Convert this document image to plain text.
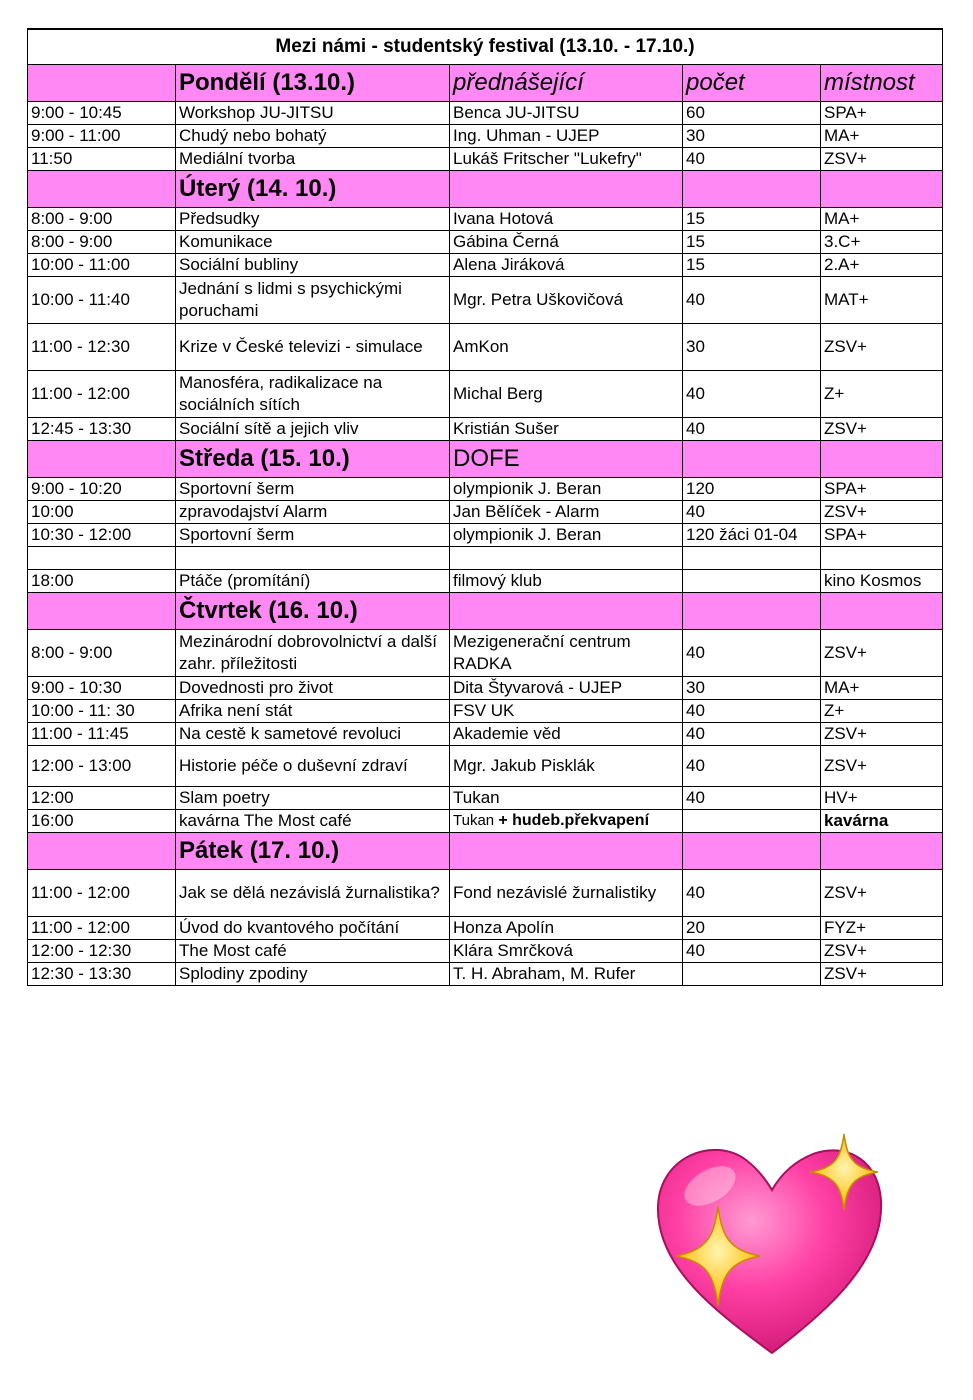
Mezi námi - studentský festival (13.10. - 17.10.)				
	Pondělí (13.10.)	přednášející	počet	místnost
9:00 - 10:45	Workshop JU-JITSU	Benca JU-JITSU	60	SPA+
9:00 - 11:00	Chudý nebo bohatý	Ing. Uhman - UJEP	30	MA+
11:50	Mediální tvorba	Lukáš Fritscher "Lukefry"	40	ZSV+
	Úterý (14. 10.)			
8:00 - 9:00	Předsudky	Ivana Hotová	15	MA+
8:00 - 9:00	Komunikace	Gábina Černá	15	3.C+
10:00 - 11:00	Sociální bubliny	Alena Jiráková	15	2.A+
10:00 - 11:40	Jednání s lidmi s psychickými poruchami	Mgr. Petra Uškovičová	40	MAT+
11:00 - 12:30	Krize v České televizi - simulace	AmKon	30	ZSV+
11:00 - 12:00	Manosféra, radikalizace na sociálních sítích	Michal Berg	40	Z+
12:45 - 13:30	Sociální sítě a jejich vliv	Kristián Sušer	40	ZSV+
	Středa (15. 10.)	DOFE		
9:00 - 10:20	Sportovní šerm	olympionik J. Beran	120	SPA+
10:00	zpravodajství Alarm	Jan Bělíček - Alarm	40	ZSV+
10:30 - 12:00	Sportovní šerm	olympionik J. Beran	120 žáci 01-04	SPA+

18:00	Ptáče (promítání)	filmový klub		kino Kosmos
	Čtvrtek (16. 10.)			
8:00 - 9:00	Mezinárodní dobrovolnictví a další zahr. příležitosti	Mezigenerační centrum RADKA	40	ZSV+
9:00 - 10:30	Dovednosti pro život	Dita Štyvarová - UJEP	30	MA+
10:00 - 11: 30	Afrika není stát	FSV UK	40	Z+
11:00 - 11:45	Na cestě k sametové revoluci	Akademie věd	40	ZSV+
12:00 - 13:00	Historie péče o duševní zdraví	Mgr. Jakub Pisklák	40	ZSV+
12:00	Slam poetry	Tukan	40	HV+
16:00	kavárna The Most café	Tukan + hudeb.překvapení		kavárna
	Pátek (17. 10.)			
11:00 - 12:00	Jak se dělá nezávislá žurnalistika?	Fond nezávislé žurnalistiky	40	ZSV+
11:00 - 12:00	Úvod do kvantového počítání	Honza Apolín	20	FYZ+
12:00 - 12:30	The Most café	Klára Smrčková	40	ZSV+
12:30 - 13:30	Splodiny zpodiny	T. H. Abraham, M. Rufer		ZSV+
